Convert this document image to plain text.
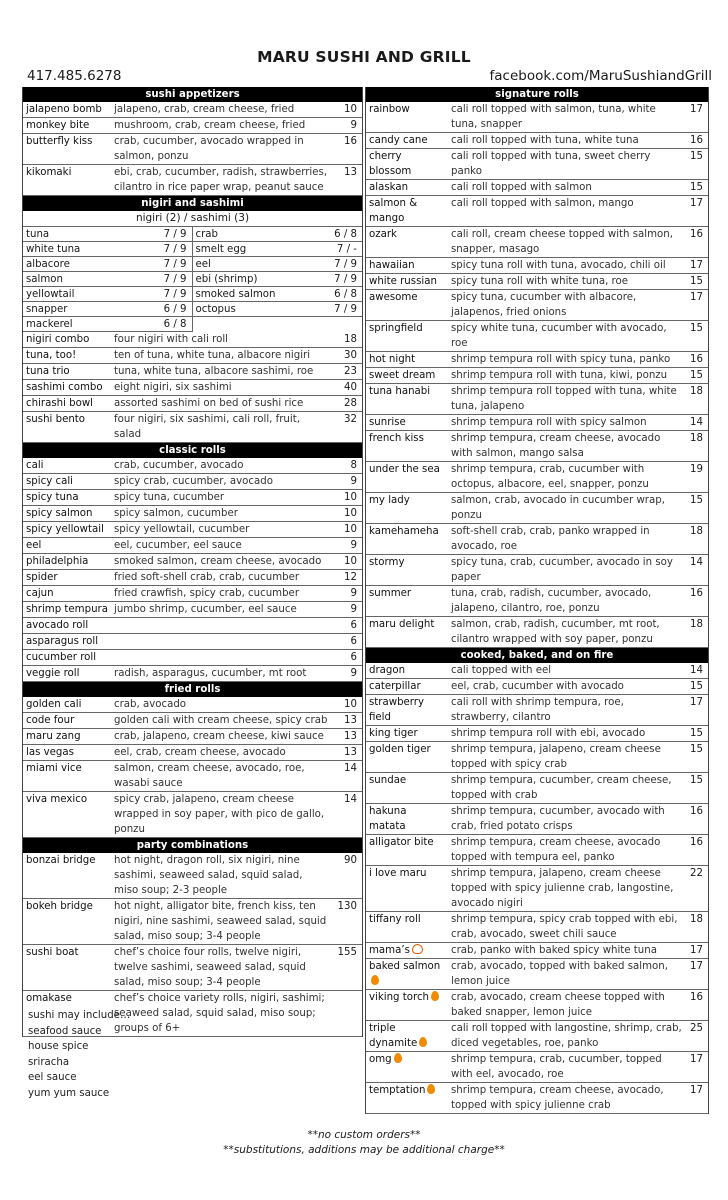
MARU SUSHI AND GRILL
417.485.6278	facebook.com/MaruSushiandGrill
sushi appetizers
jalapeno bomb	jalapeno, crab, cream cheese, fried	10
monkey bite	mushroom, crab, cream cheese, fried	9
butterfly kiss	crab, cucumber, avocado wrapped in salmon, ponzu	16
kikomaki	ebi, crab, cucumber, radish, strawberries, cilantro in rice paper wrap, peanut sauce	13
nigiri and sashimi
nigiri (2) / sashimi (3)
tuna	7 / 9 crab	6 / 8
white tuna	7 / 9 smelt egg	7 / -
albacore	7 / 9 eel	7 / 9
salmon	7 / 9 ebi (shrimp)	7 / 9
yellowtail	7 / 9 smoked salmon	6 / 8
snapper	6 / 9 octopus	7 / 9
mackerel	6 / 8
nigiri combo	four nigiri with cali roll	18
tuna, too!	ten of tuna, white tuna, albacore nigiri	30
tuna trio	tuna, white tuna, albacore sashimi, roe	23
sashimi combo	eight nigiri, six sashimi	40
chirashi bowl	assorted sashimi on bed of sushi rice	28
sushi bento	four nigiri, six sashimi, cali roll, fruit, salad	32
classic rolls
cali	crab, cucumber, avocado	8
spicy cali	spicy crab, cucumber, avocado	9
spicy tuna	spicy tuna, cucumber	10
spicy salmon	spicy salmon, cucumber	10
spicy yellowtail	spicy yellowtail, cucumber	10
eel	eel, cucumber, eel sauce	9
philadelphia	smoked salmon, cream cheese, avocado	10
spider	fried soft-shell crab, crab, cucumber	12
cajun	fried crawfish, spicy crab, cucumber	9
shrimp tempura	jumbo shrimp, cucumber, eel sauce	9
avocado roll		6
asparagus roll		6
cucumber roll		6
veggie roll	radish, asparagus, cucumber, mt root	9
fried rolls
golden cali	crab, avocado	10
code four	golden cali with cream cheese, spicy crab	13
maru zang	crab, jalapeno, cream cheese, kiwi sauce	13
las vegas	eel, crab, cream cheese, avocado	13
miami vice	salmon, cream cheese, avocado, roe, wasabi sauce	14
viva mexico	spicy crab, jalapeno, cream cheese wrapped in soy paper, with pico de gallo, ponzu	14
party combinations
bonzai bridge	hot night, dragon roll, six nigiri, nine sashimi, seaweed salad, squid salad, miso soup; 2-3 people	90
bokeh bridge	hot night, alligator bite, french kiss, ten nigiri, nine sashimi, seaweed salad, squid salad, miso soup; 3-4 people	130
sushi boat	chef’s choice four rolls, twelve nigiri, twelve sashimi, seaweed salad, squid salad, miso soup; 3-4 people	155
omakase	chef’s choice variety rolls, nigiri, sashimi; seaweed salad, squid salad, miso soup; groups of 6+	
signature rolls
rainbow	cali roll topped with salmon, tuna, white tuna, snapper	17
candy cane	cali roll topped with tuna, white tuna	16
cherry blossom	cali roll topped with tuna, sweet cherry panko	15
alaskan	cali roll topped with salmon	15
salmon & mango	cali roll topped with salmon, mango	17
ozark	cali roll, cream cheese topped with salmon, snapper, masago	16
hawaiian	spicy tuna roll with tuna, avocado, chili oil	17
white russian	spicy tuna roll with white tuna, roe	15
awesome	spicy tuna, cucumber with albacore, jalapenos, fried onions	17
springfield	spicy white tuna, cucumber with avocado, roe	15
hot night	shrimp tempura roll with spicy tuna, panko	16
sweet dream	shrimp tempura roll with tuna, kiwi, ponzu	15
tuna hanabi	shrimp tempura roll topped with tuna, white tuna, jalapeno	18
sunrise	shrimp tempura roll with spicy salmon	14
french kiss	shrimp tempura, cream cheese, avocado with salmon, mango salsa	18
under the sea	shrimp tempura, crab, cucumber with octopus, albacore, eel, snapper, ponzu	19
my lady	salmon, crab, avocado in cucumber wrap, ponzu	15
kamehameha	soft-shell crab, crab, panko wrapped in avocado, roe	18
stormy	spicy tuna, crab, cucumber, avocado in soy paper	14
summer	tuna, crab, radish, cucumber, avocado, jalapeno, cilantro, roe, ponzu	16
maru delight	salmon, crab, radish, cucumber, mt root, cilantro wrapped with soy paper, ponzu	18
cooked, baked, and on fire
dragon	cali topped with eel	14
caterpillar	eel, crab, cucumber with avocado	15
strawberry field	cali roll with shrimp tempura, roe, strawberry, cilantro	17
king tiger	shrimp tempura roll with ebi, avocado	15
golden tiger	shrimp tempura, jalapeno, cream cheese topped with spicy crab	15
sundae	shrimp tempura, cucumber, cream cheese, topped with crab	15
hakuna matata	shrimp tempura, cucumber, avocado with crab, fried potato crisps	16
alligator bite	shrimp tempura, cream cheese, avocado topped with tempura eel, panko	16
i love maru	shrimp tempura, jalapeno, cream cheese topped with spicy julienne crab, langostine, avocado nigiri	22
tiffany roll	shrimp tempura, spicy crab topped with ebi, crab, avocado, sweet chili sauce	18
mama’s	crab, panko with baked spicy white tuna	17
baked salmon	crab, avocado, topped with baked salmon, lemon juice	17
viking torch	crab, avocado, cream cheese topped with baked snapper, lemon juice	16
triple dynamite	cali roll topped with langostine, shrimp, crab, diced vegetables, roe, panko	25
omg	shrimp tempura, crab, cucumber, topped with eel, avocado, roe	17
temptation	shrimp tempura, cream cheese, avocado, topped with spicy julienne crab	17
sushi may include…
seafood sauce
house spice
sriracha
eel sauce
yum yum sauce
**no custom orders**
**substitutions, additions may be additional charge**
